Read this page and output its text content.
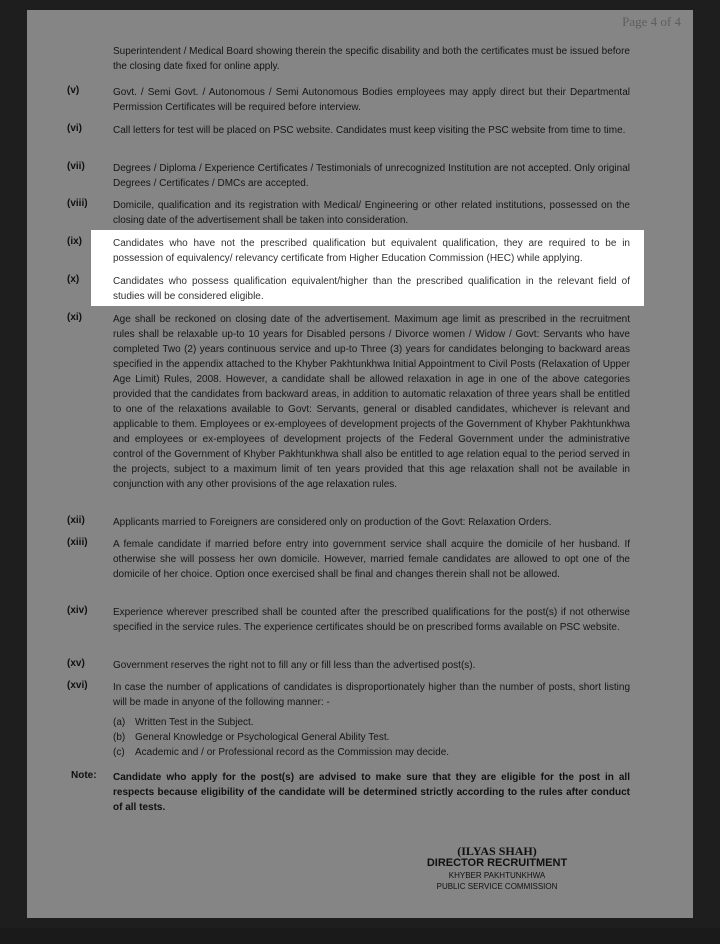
Page 4 of 4

Superintendent / Medical Board showing therein the specific disability and both the certificates must be issued before the closing date fixed for online apply.

(v)	Govt. / Semi Govt. / Autonomous / Semi Autonomous Bodies employees may apply direct but their Departmental Permission Certificates will be required before interview.

(vi)	Call letters for test will be placed on PSC website. Candidates must keep visiting the PSC website from time to time.

(vii)	Degrees / Diploma / Experience Certificates / Testimonials of unrecognized Institution are not accepted. Only original Degrees / Certificates / DMCs are accepted.

(viii)	Domicile, qualification and its registration with Medical/ Engineering or other related institutions, possessed on the closing date of the advertisement shall be taken into consideration.

(ix)	Candidates who have not the prescribed qualification but equivalent qualification, they are required to be in possession of equivalency/ relevancy certificate from Higher Education Commission (HEC) while applying.

(x)	Candidates who possess qualification equivalent/higher than the prescribed qualification in the relevant field of studies will be considered eligible.

(xi)	Age shall be reckoned on closing date of the advertisement. Maximum age limit as prescribed in the recruitment rules shall be relaxable up-to 10 years for Disabled persons / Divorce women / Widow / Govt: Servants who have completed Two (2) years continuous service and up-to Three (3) years for candidates belonging to backward areas specified in the appendix attached to the Khyber Pakhtunkhwa Initial Appointment to Civil Posts (Relaxation of Upper Age Limit) Rules, 2008. However, a candidate shall be allowed relaxation in age in one of the above categories provided that the candidates from backward areas, in addition to automatic relaxation of three years shall be entitled to one of the relaxations available to Govt: Servants, general or disabled candidates, whichever is relevant and applicable to them. Employees or ex-employees of development projects of the Government of Khyber Pakhtunkhwa and employees or ex-employees of development projects of the Federal Government under the administrative control of the Government of Khyber Pakhtunkhwa shall also be entitled to age relation equal to the period served in the projects, subject to a maximum limit of ten years provided that this age relaxation shall not be available in conjunction with any other provisions of the age relaxation rules.

(xii)	Applicants married to Foreigners are considered only on production of the Govt: Relaxation Orders.

(xiii)	A female candidate if married before entry into government service shall acquire the domicile of her husband. If otherwise she will possess her own domicile. However, married female candidates are allowed to opt one of the domicile of her choice. Option once exercised shall be final and changes therein shall not be allowed.

(xiv)	Experience wherever prescribed shall be counted after the prescribed qualifications for the post(s) if not otherwise specified in the service rules. The experience certificates should be on prescribed forms available on PSC website.

(xv)	Government reserves the right not to fill any or fill less than the advertised post(s).

(xvi)	In case the number of applications of candidates is disproportionately higher than the number of posts, short listing will be made in anyone of the following manner: -

(a) Written Test in the Subject.
(b) General Knowledge or Psychological General Ability Test.
(c) Academic and / or Professional record as the Commission may decide.
Note: Candidate who apply for the post(s) are advised to make sure that they are eligible for the post in all respects because eligibility of the candidate will be determined strictly according to the rules after conduct of all tests.

(ILYAS SHAH)
DIRECTOR RECRUITMENT
KHYBER PAKHTUNKHWA
PUBLIC SERVICE COMMISSION
